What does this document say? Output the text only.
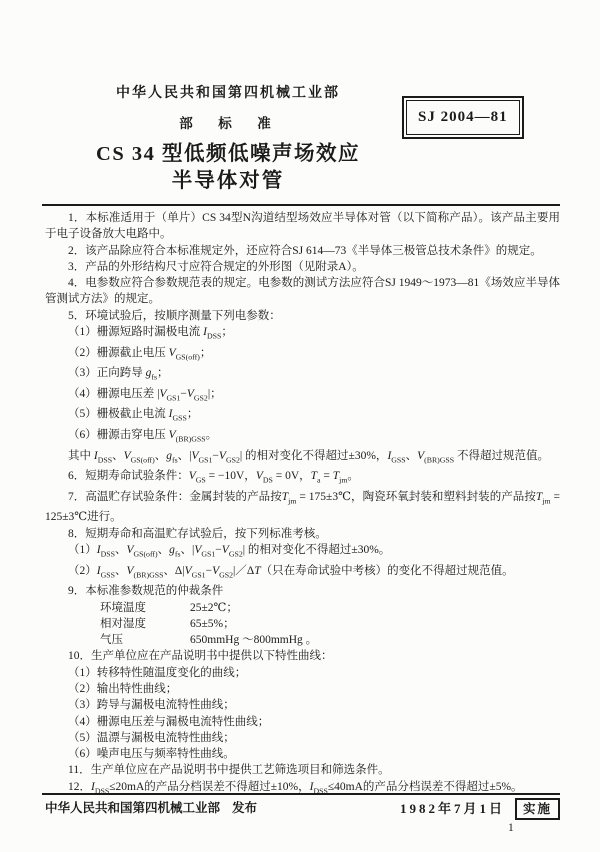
中华人民共和国第四机械工业部
部　标　准
CS 34 型低频低噪声场效应
半导体对管
SJ 2004—81

1．本标准适用于（单片）CS 34型N沟道结型场效应半导体对管（以下简称产品）。该产品主要用于电子设备放大电路中。

2．该产品除应符合本标准规定外，还应符合SJ 614—73《半导体三极管总技术条件》的规定。

3．产品的外形结构尺寸应符合规定的外形图（见附录A）。

4．电参数应符合参数规范表的规定。电参数的测试方法应符合SJ 1949～1973—81《场效应半导体管测试方法》的规定。

5．环境试验后，按顺序测量下列电参数：

（1）栅源短路时漏极电流 $I_{DSS}$；

（2）栅源截止电压 $V_{GS(off)}$；

（3）正向跨导 $g_{fs}$；

（4）栅源电压差 $|V_{GS1}-V_{GS2}|$；

（5）栅极截止电流 $I_{GSS}$；

（6）栅源击穿电压 $V_{(BR)GSS}$。

其中 $I_{DSS}$、$V_{GS(off)}$、$g_{fs}$、$|V_{GS1}-V_{GS2}|$ 的相对变化不得超过±30%，$I_{GSS}$、$V_{(BR)GSS}$ 不得超过规范值。

6．短期寿命试验条件：$V_{GS} = -10V$，$V_{DS} = 0V$，$T_a = T_{jm}$。

7．高温贮存试验条件：金属封装的产品按$T_{jm}$ = 175±3℃，陶瓷环氧封装和塑料封装的产品按$T_{jm}$ = 125±3℃进行。

8．短期寿命和高温贮存试验后，按下列标准考核。

$(1)I_{DSS}$、$V_{GS(off)}$、$g_{fs}$、$|V_{GS1}-V_{GS2}|$ 的相对变化不得超过±30%。

$(2)I_{GSS}$、$V_{(BR)GSS}$、$\Delta|V_{GS1}-V_{GS2}|/\Delta T$（只在寿命试验中考核）的变化不得超过规范值。

9．本标准参数规范的仲裁条件

环境温度	25±2℃；

相对湿度	65±5%；

气压	650mmHg ～800mmHg 。

10．生产单位应在产品说明书中提供以下特性曲线：

（1）转移特性随温度变化的曲线；

（2）输出特性曲线；

（3）跨导与漏极电流特性曲线；

（4）栅源电压差与漏极电流特性曲线；

（5）温漂与漏极电流特性曲线；

（6）噪声电压与频率特性曲线。

11．生产单位应在产品说明书中提供工艺筛选项目和筛选条件。

12．$I_{DSS}\le 20mA$的产品分档误差不得超过±10%，$I_{DSS}\le 40mA$的产品分档误差不得超过±5%。

中华人民共和国第四机械工业部 发布	1982年7月1日	实施
1
